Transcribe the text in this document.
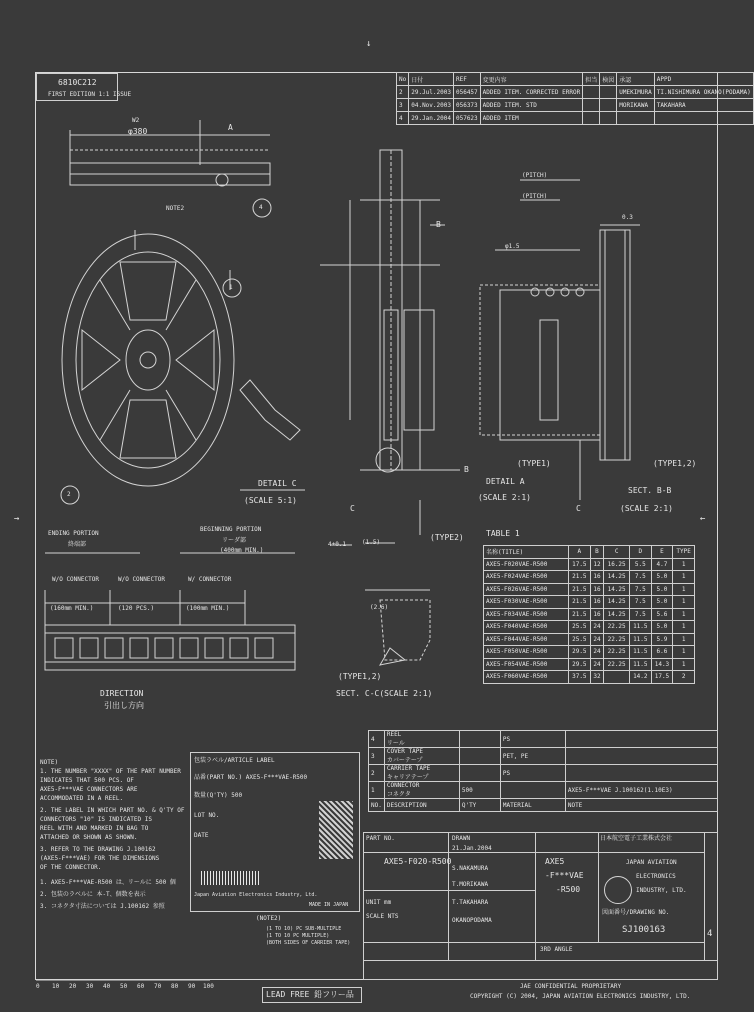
↓
→	←
6810C212
FIRST EDITION 1:1 ISSUE
No	日付	REF	変更内容	担当	検図	承認	APPD
2	29.Jul.2003	056457	ADDED ITEM. CORRECTED ERROR			UMEKIMURA	TI.NISHIMURA OKANO(PODAMA)
3	04.Nov.2003	056373	ADDED ITEM. STD			MORIKAWA	TAKAHARA
4	29.Jan.2004	057623	ADDED ITEM				
W2
φ380	A
NOTE2	4
1
2
DETAIL C
(SCALE 5:1)
DETAIL A
(SCALE 2:1)
(TYPE1)
(PITCH)
(PITCH)
φ1.5
B
B
C	C
SECT. B-B
(SCALE 2:1)
(TYPE1,2)
0.3
(TYPE2)
(1.5)
4+0.1
(TYPE1,2)
SECT. C-C(SCALE 2:1)
(2.6)
ENDING PORTION
終端部
BEGINNING PORTION
リーダ部
(400mm MIN.)
W/O CONNECTOR	W/O CONNECTOR	W/ CONNECTOR
(160mm MIN.)	(120 PCS.)	(100mm MIN.)
DIRECTION
引出し方向
TABLE 1
名称(TITLE)	A	B	C	D	E	TYPE
AXE5-F020VAE-R500	17.5	12	16.25	5.5	4.7	1
AXE5-F024VAE-R500	21.5	16	14.25	7.5	5.0	1
AXE5-F026VAE-R500	21.5	16	14.25	7.5	5.0	1
AXE5-F030VAE-R500	21.5	16	14.25	7.5	5.0	1
AXE5-F034VAE-R500	21.5	16	14.25	7.5	5.6	1
AXE5-F040VAE-R500	25.5	24	22.25	11.5	5.0	1
AXE5-F044VAE-R500	25.5	24	22.25	11.5	5.9	1
AXE5-F050VAE-R500	29.5	24	22.25	11.5	6.6	1
AXE5-F054VAE-R500	29.5	24	22.25	11.5	14.3	1
AXE5-F060VAE-R500	37.5	32		14.2	17.5	2
4	REEL
リール		PS	
3	COVER TAPE
カバーテープ		PET, PE	
2	CARRIER TAPE
キャリアテープ		PS	
1	CONNECTOR
コネクタ	500		AXE5-F***VAE J.100162(1.10E3)
NO.	DESCRIPTION	Q'TY	MATERIAL	NOTE
NOTE)
1. THE NUMBER "XXXX" OF THE PART NUMBER
INDICATES THAT 500 PCS. OF
AXE5-F***VAE CONNECTORS ARE
ACCOMMODATED IN A REEL.
2. THE LABEL IN WHICH PART NO. & Q'TY OF
CONNECTORS "10" IS INDICATED IS
REEL WITH AND MARKED IN BAG TO
ATTACHED OR SHOWN AS SHOWN.
3. REFER TO THE DRAWING J.100162
(AXE5-F***VAE) FOR THE DIMENSIONS
OF THE CONNECTOR.
1. AXE5-F***VAE-R500 は、リールに 500 個
2. 包装のラベルに 本-T、個数を表示
3. コネクタ寸法については J.100162 参照
包装ラベル/ARTICLE LABEL
品番(PART NO.) AXE5-F***VAE-R500
数量(Q'TY) 500
LOT NO.
DATE
Japan Aviation Electronics Industry, Ltd.
MADE IN JAPAN
(NOTE2)
(1 TO 10) PC SUB-MULTIPLE
(1 TO 10 PC MULTIPLE)
(BOTH SIDES OF CARRIER TAPE)
PART NO.
AXE5-F020-R500
DRAWN
21.Jan.2004
S.NAKAMURA
T.MORIKAWA
T.TAKAHARA
OKANOPODAMA
UNIT mm
SCALE NTS
3RD ANGLE
AXE5
-F***VAE
-R500
日本航空電子工業株式会社
JAPAN AVIATION
ELECTRONICS
INDUSTRY, LTD.
図面番号/DRAWING NO.
SJ100163	4
JAE CONFIDENTIAL PROPRIETARY
COPYRIGHT (C) 2004, JAPAN AVIATION ELECTRONICS INDUSTRY, LTD.
LEAD FREE 鉛フリー品
0 10 20 30 40 50 60 70 80 90 100
